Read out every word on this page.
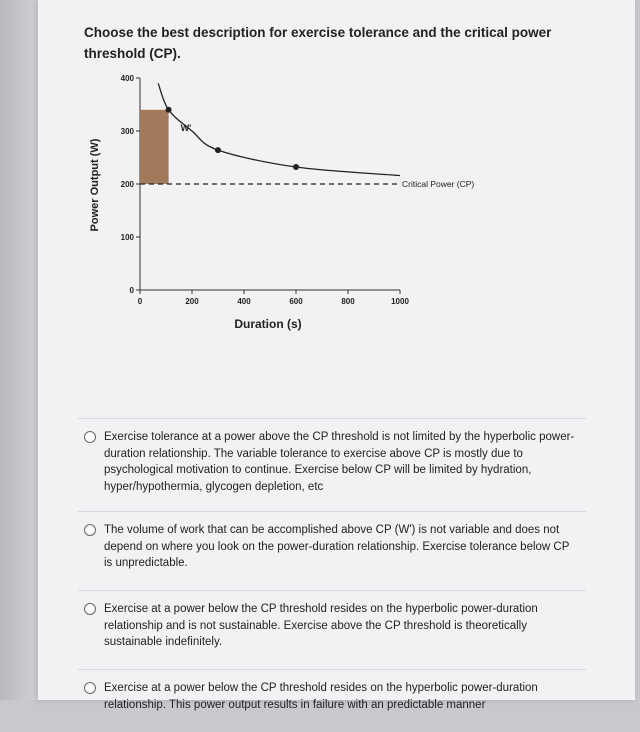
Choose the best description for exercise tolerance and the critical power threshold (CP).
0
100
200
300
400
0	200	400	600	800	1000
W'
Critical Power (CP)
Power Output (W)
Duration (s)
Exercise tolerance at a power above the CP threshold is not limited by the hyperbolic power-duration relationship. The variable tolerance to exercise above CP is mostly due to psychological motivation to continue. Exercise below CP will be limited by hydration, hyper/hypothermia, glycogen depletion, etc
The volume of work that can be accomplished above CP (W') is not variable and does not depend on where you look on the power-duration relationship. Exercise tolerance below CP is unpredictable.
Exercise at a power below the CP threshold resides on the hyperbolic power-duration relationship and is not sustainable. Exercise above the CP threshold is theoretically sustainable indefinitely.
Exercise at a power below the CP threshold resides on the hyperbolic power-duration relationship. This power output results in failure with an predictable manner
